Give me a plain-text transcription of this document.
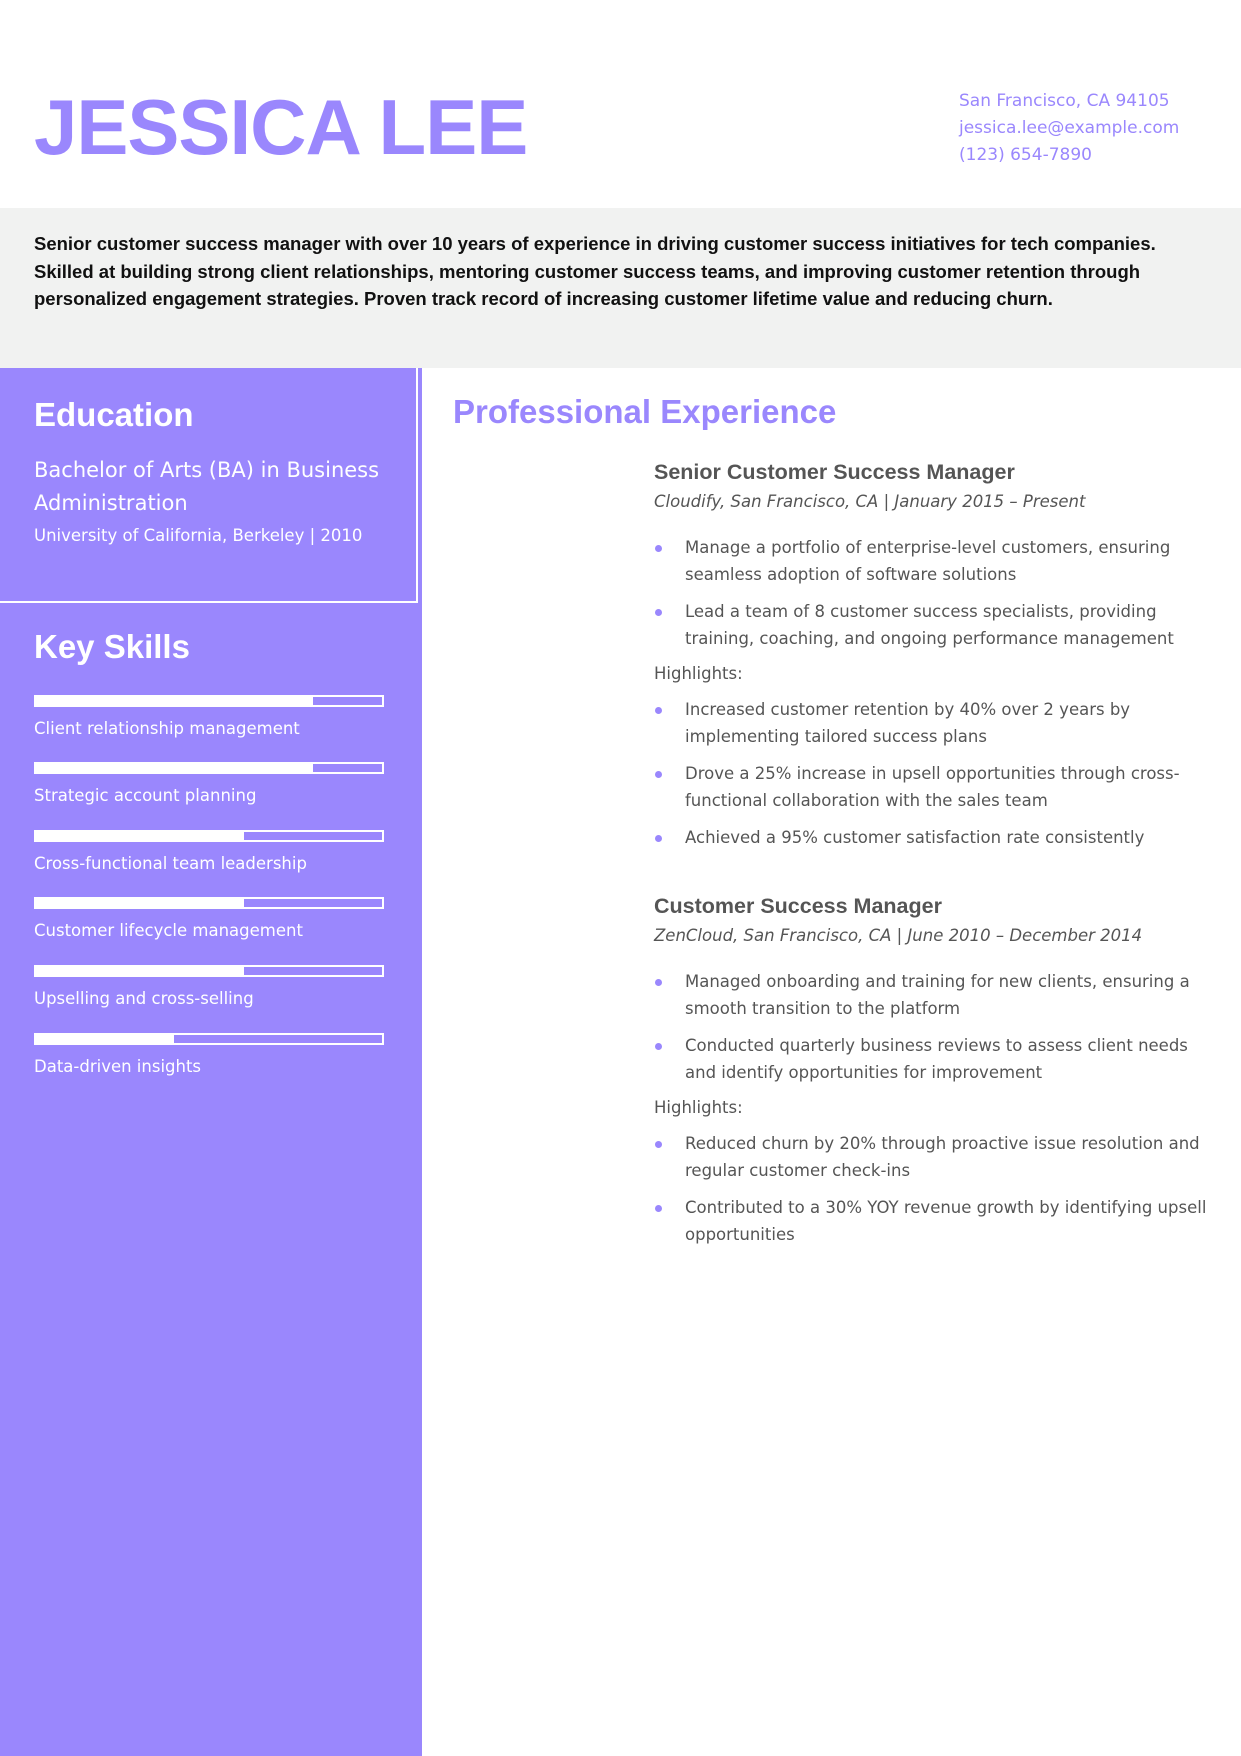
JESSICA LEE	San Francisco, CA 94105
jessica.lee@example.com
(123) 654-7890

Senior customer success manager with over 10 years of experience in driving customer success initiatives for tech companies. Skilled at building strong client relationships, mentoring customer success teams, and improving customer retention through personalized engagement strategies. Proven track record of increasing customer lifetime value and reducing churn.

Education
Bachelor of Arts (BA) in Business Administration
University of California, Berkeley | 2010
Key Skills
Client relationship management
Strategic account planning
Cross-functional team leadership
Customer lifecycle management
Upselling and cross-selling
Data-driven insights
Professional Experience
Senior Customer Success Manager
Cloudify, San Francisco, CA | January 2015 – Present
Manage a portfolio of enterprise-level customers, ensuring seamless adoption of software solutions
Lead a team of 8 customer success specialists, providing training, coaching, and ongoing performance management
Highlights:
Increased customer retention by 40% over 2 years by implementing tailored success plans
Drove a 25% increase in upsell opportunities through cross-functional collaboration with the sales team
Achieved a 95% customer satisfaction rate consistently
Customer Success Manager
ZenCloud, San Francisco, CA | June 2010 – December 2014
Managed onboarding and training for new clients, ensuring a smooth transition to the platform
Conducted quarterly business reviews to assess client needs and identify opportunities for improvement
Highlights:
Reduced churn by 20% through proactive issue resolution and regular customer check-ins
Contributed to a 30% YOY revenue growth by identifying upsell opportunities
